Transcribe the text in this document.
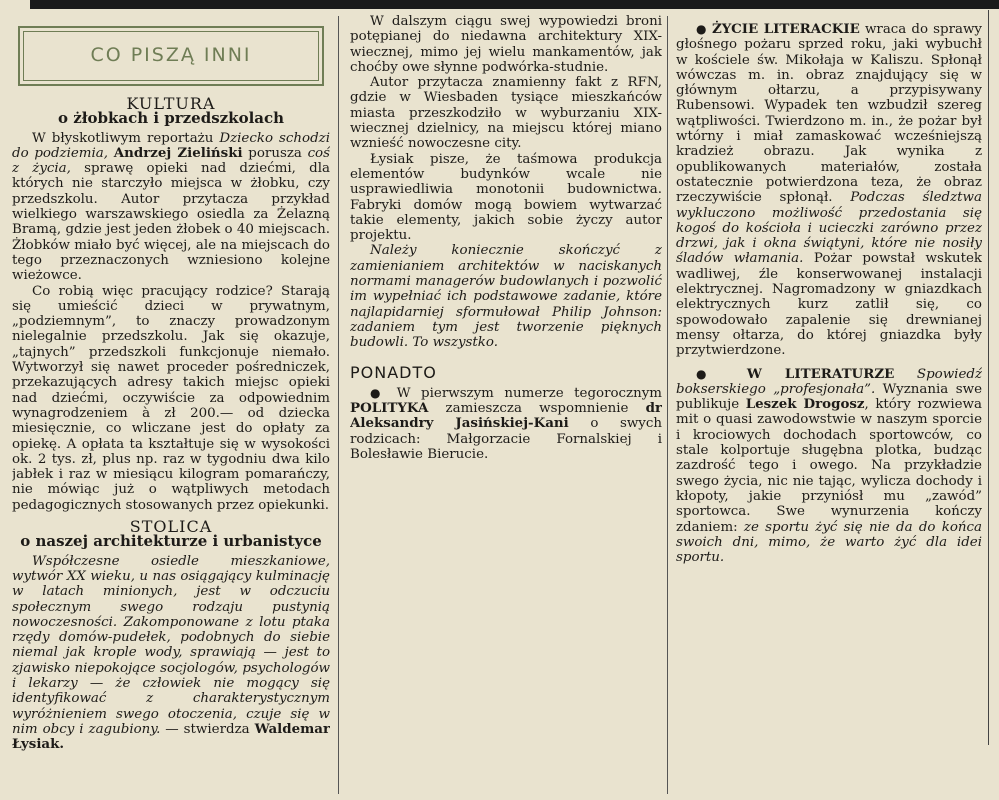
CO PISZĄ INNI
KULTURA
o żłobkach i przedszkolach

W błyskotliwym reportażu Dziecko schodzi do podziemia, Andrzej Zieliński porusza coś z życia, sprawę opieki nad dziećmi, dla których nie starczyło miejsca w żłobku, czy przedszkolu. Autor przytacza przykład wielkiego warszawskiego osiedla za Żelazną Bramą, gdzie jest jeden żłobek o 40 miejscach. Żłobków miało być więcej, ale na miejscach do tego przeznaczonych wzniesiono kolejne wieżowce.

Co robią więc pracujący rodzice? Starają się umieścić dzieci w prywatnym, „podziemnym”, to znaczy prowadzonym nielegalnie przedszkolu. Jak się okazuje, „tajnych” przedszkoli funkcjonuje niemało. Wytworzył się nawet proceder pośredniczek, przekazujących adresy takich miejsc opieki nad dziećmi, oczywiście za odpowiednim wynagrodzeniem à zł 200.— od dziecka miesięcznie, co wliczane jest do opłaty za opiekę. A opłata ta kształtuje się w wysokości ok. 2 tys. zł, plus np. raz w tygodniu dwa kilo jabłek i raz w miesiącu kilogram pomarańczy, nie mówiąc już o wątpliwych metodach pedagogicznych stosowanych przez opiekunki.

STOLICA
o naszej architekturze i urbanistyce

Współczesne osiedle mieszkaniowe, wytwór XX wieku, u nas osiągający kulminację w latach minionych, jest w odczuciu społecznym swego rodzaju pustynią nowoczesności. Zakomponowane z lotu ptaka rzędy domów-pudełek, podobnych do siebie niemal jak krople wody, sprawiają — jest to zjawisko niepokojące socjologów, psychologów i lekarzy — że człowiek nie mogący się identyfikować z charakterystycznym wyróżnieniem swego otoczenia, czuje się w nim obcy i zagubiony. — stwierdza Waldemar Łysiak.

W dalszym ciągu swej wypowiedzi broni potępianej do niedawna architektury XIX-wiecznej, mimo jej wielu mankamentów, jak choćby owe słynne podwórka-studnie.

Autor przytacza znamienny fakt z RFN, gdzie w Wiesbaden tysiące mieszkańców miasta przeszkodziło w wyburzaniu XIX-wiecznej dzielnicy, na miejscu której miano wznieść nowoczesne city.

Łysiak pisze, że taśmowa produkcja elementów budynków wcale nie usprawiedliwia monotonii budownictwa. Fabryki domów mogą bowiem wytwarzać takie elementy, jakich sobie życzy autor projektu.

Należy koniecznie skończyć z zamienianiem architektów w naciskanych normami managerów budowlanych i pozwolić im wypełniać ich podstawowe zadanie, które najlapidarniej sformułował Philip Johnson: zadaniem tym jest tworzenie pięknych budowli. To wszystko.

PONADTO

● W pierwszym numerze tegorocznym POLITYKA zamieszcza wspomnienie dr Aleksandry Jasińskiej-Kani o swych rodzicach: Małgorzacie Fornalskiej i Bolesławie Bierucie.

● ŻYCIE LITERACKIE wraca do sprawy głośnego pożaru sprzed roku, jaki wybuchł w kościele św. Mikołaja w Kaliszu. Spłonął wówczas m. in. obraz znajdujący się w głównym ołtarzu, a przypisywany Rubensowi. Wypadek ten wzbudził szereg wątpliwości. Twierdzono m. in., że pożar był wtórny i miał zamaskować wcześniejszą kradzież obrazu. Jak wynika z opublikowanych materiałów, została ostatecznie potwierdzona teza, że obraz rzeczywiście spłonął. Podczas śledztwa wykluczono możliwość przedostania się kogoś do kościoła i ucieczki zarówno przez drzwi, jak i okna świątyni, które nie nosiły śladów włamania. Pożar powstał wskutek wadliwej, źle konserwowanej instalacji elektrycznej. Nagromadzony w gniazdkach elektrycznych kurz zatlił się, co spowodowało zapalenie się drewnianej mensy ołtarza, do której gniazdka były przytwierdzone.

● W LITERATURZE Spowiedź bokserskiego „profesjonała”. Wyznania swe publikuje Leszek Drogosz, który rozwiewa mit o quasi zawodowstwie w naszym sporcie i krociowych dochodach sportowców, co stale kolportuje sługębna plotka, budząc zazdrość tego i owego. Na przykładzie swego życia, nic nie tając, wylicza dochody i kłopoty, jakie przyniósł mu „zawód” sportowca. Swe wynurzenia kończy zdaniem: ze sportu żyć się nie da do końca swoich dni, mimo, że warto żyć dla idei sportu.
